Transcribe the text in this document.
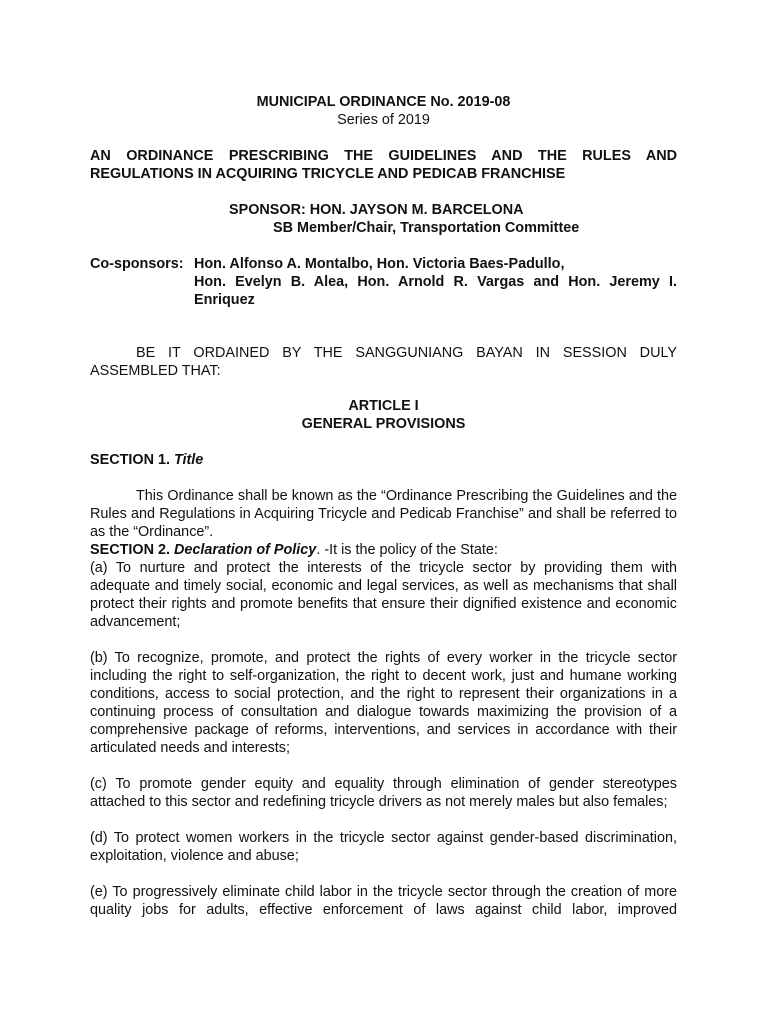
MUNICIPAL ORDINANCE No. 2019-08

Series of 2019

AN ORDINANCE PRESCRIBING THE GUIDELINES AND THE RULES AND REGULATIONS IN ACQUIRING TRICYCLE AND PEDICAB FRANCHISE

SPONSOR: HON. JAYSON M. BARCELONA
SB Member/Chair, Transportation Committee
Co-sponsors: Hon. Alfonso A. Montalbo, Hon. Victoria Baes-Padullo,
Hon. Evelyn B. Alea, Hon. Arnold R. Vargas and Hon. Jeremy I.
Enriquez

BE IT ORDAINED BY THE SANGGUNIANG BAYAN IN SESSION DULY ASSEMBLED THAT:

ARTICLE I

GENERAL PROVISIONS

SECTION 1. Title

This Ordinance shall be known as the “Ordinance Prescribing the Guidelines and the Rules and Regulations in Acquiring Tricycle and Pedicab Franchise” and shall be referred to as the “Ordinance”.

SECTION 2. Declaration of Policy. -It is the policy of the State:

(a) To nurture and protect the interests of the tricycle sector by providing them with adequate and timely social, economic and legal services, as well as mechanisms that shall protect their rights and promote benefits that ensure their dignified existence and economic advancement;

(b) To recognize, promote, and protect the rights of every worker in the tricycle sector including the right to self-organization, the right to decent work, just and humane working conditions, access to social protection, and the right to represent their organizations in a continuing process of consultation and dialogue towards maximizing the provision of a comprehensive package of reforms, interventions, and services in accordance with their articulated needs and interests;

(c) To promote gender equity and equality through elimination of gender stereotypes attached to this sector and redefining tricycle drivers as not merely males but also females;

(d) To protect women workers in the tricycle sector against gender-based discrimination, exploitation, violence and abuse;

(e) To progressively eliminate child labor in the tricycle sector through the creation of more quality jobs for adults, effective enforcement of laws against child labor, improved
